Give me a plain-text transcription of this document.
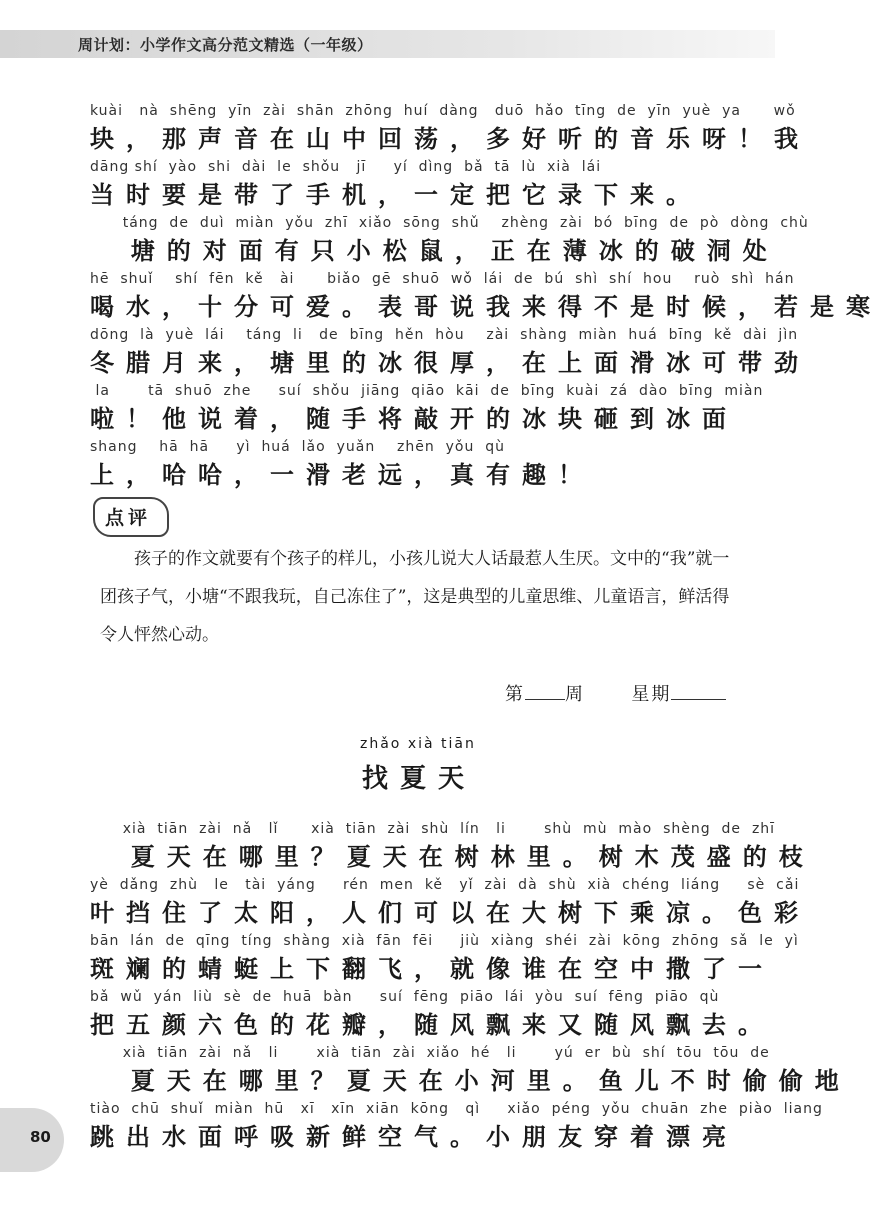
周计划：小学作文高分范文精选（一年级）
kuài   nà  shēng  yīn  zài  shān  zhōng  huí  dàng   duō  hǎo  tīng  de  yīn  yuè  ya      wǒ
块，那声音在山中回荡，多好听的音乐呀！我
dāng shí  yào  shi  dài  le  shǒu   jī     yí  dìng  bǎ  tā  lù  xià  lái
当时要是带了手机，一定把它录下来。
táng  de  duì  miàn  yǒu  zhī  xiǎo  sōng  shǔ    zhèng  zài  bó  bīng  de  pò  dòng  chù
塘的对面有只小松鼠，正在薄冰的破洞处
hē  shuǐ    shí  fēn  kě   ài      biǎo  gē  shuō  wǒ  lái  de  bú  shì  shí  hou    ruò  shì  hán
喝水，十分可爱。表哥说我来得不是时候，若是寒
dōng  là  yuè  lái    táng  li   de  bīng  hěn  hòu    zài  shàng  miàn  huá  bīng  kě  dài  jìn
冬腊月来，塘里的冰很厚，在上面滑冰可带劲
la       tā  shuō  zhe     suí  shǒu  jiāng  qiāo  kāi  de  bīng  kuài  zá  dào  bīng  miàn
啦！他说着，随手将敲开的冰块砸到冰面
shang    hā  hā     yì  huá  lǎo  yuǎn    zhēn  yǒu  qù
上，哈哈，一滑老远，真有趣！
点评
孩子的作文就要有个孩子的样儿，小孩儿说大人话最惹人生厌。文中的“我”就一团孩子气，小塘“不跟我玩，自己冻住了”，这是典型的儿童思维、儿童语言，鲜活得令人怦然心动。
第 周	星期
zhǎo xià tiān
找夏天
xià  tiān  zài  nǎ   lǐ      xià  tiān  zài  shù  lín   li       shù  mù  mào  shèng  de  zhī
夏天在哪里？夏天在树林里。树木茂盛的枝
yè  dǎng  zhù   le   tài  yáng     rén  men  kě   yǐ  zài  dà  shù  xià  chéng  liáng     sè  cǎi
叶挡住了太阳，人们可以在大树下乘凉。色彩
bān  lán  de  qīng  tíng  shàng  xià  fān  fēi     jiù  xiàng  shéi  zài  kōng  zhōng  sǎ  le  yì
斑斓的蜻蜓上下翻飞，就像谁在空中撒了一
bǎ  wǔ  yán  liù  sè  de  huā  bàn     suí  fēng  piāo  lái  yòu  suí  fēng  piāo  qù
把五颜六色的花瓣，随风飘来又随风飘去。
xià  tiān  zài  nǎ   li       xià  tiān  zài  xiǎo  hé   li       yú  er  bù  shí  tōu  tōu  de
夏天在哪里？夏天在小河里。鱼儿不时偷偷地
tiào  chū  shuǐ  miàn  hū   xī   xīn  xiān  kōng   qì     xiǎo  péng  yǒu  chuān  zhe  piào  liang
跳出水面呼吸新鲜空气。小朋友穿着漂亮
80
